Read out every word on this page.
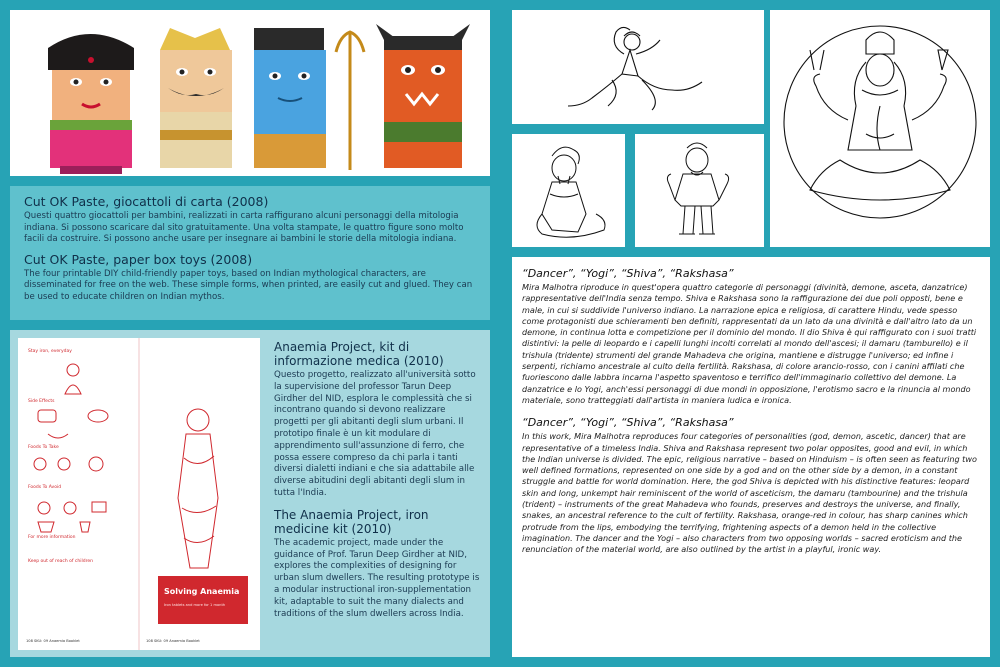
Cut OK Paste, giocattoli di carta (2008)

Questi quattro giocattoli per bambini, realizzati in carta raffigurano alcuni personaggi della mitologia indiana. Si possono scaricare dal sito gratuitamente. Una volta stampate, le quattro figure sono molto facili da costruire. Si possono anche usare per insegnare ai bambini le storie della mitologia indiana.

Cut OK Paste, paper box toys (2008)

The four printable DIY child-friendly paper toys, based on Indian mythological characters, are disseminated for free on the web. These simple forms, when printed, are easily cut and glued. They can be used to educate children on Indian mythos.

Stay iron, everyday
Side Effects
Foods To Take
Foods To Avoid
For more information
Keep out of reach of children
Solving Anaemia
Iron tablets and more for 1 month
108 SKU: 09 Anaemia Booklet	108 SKU: 09 Anaemia Booklet

Anaemia Project, kit di informazione medica (2010)

Questo progetto, realizzato all'università sotto la supervisione del professor Tarun Deep Girdher del NID, esplora le complessità che si incontrano quando si devono realizzare progetti per gli abitanti degli slum urbani. Il prototipo finale è un kit modulare di apprendimento sull'assunzione di ferro, che possa essere compreso da chi parla i tanti diversi dialetti indiani e che sia adattabile alle diverse abitudini degli abitanti degli slum in tutta l'India.

The Anaemia Project, iron medicine kit (2010)

The academic project, made under the guidance of Prof. Tarun Deep Girdher at NID, explores the complexities of designing for urban slum dwellers. The resulting prototype is a modular instructional iron-supplementation kit, adaptable to suit the many dialects and traditions of the slum dwellers across India.

“Dancer”, “Yogi”, “Shiva”, “Rakshasa”

Mira Malhotra riproduce in quest'opera quattro categorie di personaggi (divinità, demone, asceta, danzatrice) rappresentative dell'India senza tempo. Shiva e Rakshasa sono la raffigurazione dei due poli opposti, bene e male, in cui si suddivide l'universo indiano. La narrazione epica e religiosa, di carattere Hindu, vede spesso come protagonisti due schieramenti ben definiti, rappresentati da un lato da una divinità e dall'altro lato da un demone, in continua lotta e competizione per il dominio del mondo. Il dio Shiva è qui raffigurato con i suoi tratti distintivi: la pelle di leopardo e i capelli lunghi incolti correlati al mondo dell'ascesi; il damaru (tamburello) e il trishula (tridente) strumenti del grande Mahadeva che origina, mantiene e distrugge l'universo; ed infine i serpenti, richiamo ancestrale al culto della fertilità. Rakshasa, di colore arancio-rosso, con i canini affilati che fuoriescono dalle labbra incarna l'aspetto spaventoso e terrifico dell'immaginario collettivo del demone. La danzatrice e lo Yogi, anch'essi personaggi di due mondi in opposizione, l'erotismo sacro e la rinuncia al mondo materiale, sono tratteggiati dall'artista in maniera ludica e ironica.

“Dancer”, “Yogi”, “Shiva”, “Rakshasa”

In this work, Mira Malhotra reproduces four categories of personalities (god, demon, ascetic, dancer) that are representative of a timeless India. Shiva and Rakshasa represent two polar opposites, good and evil, in which the Indian universe is divided. The epic, religious narrative – based on Hinduism – is often seen as featuring two well defined formations, represented on one side by a god and on the other side by a demon, in a constant struggle and battle for world domination. Here, the god Shiva is depicted with his distinctive features: leopard skin and long, unkempt hair reminiscent of the world of asceticism, the damaru (tambourine) and the trishula (trident) – instruments of the great Mahadeva who founds, preserves and destroys the universe, and finally, snakes, an ancestral reference to the cult of fertility. Rakshasa, orange-red in colour, has sharp canines which protrude from the lips, embodying the terrifying, frightening aspects of a demon held in the collective imagination. The dancer and the Yogi – also characters from two opposing worlds – sacred eroticism and the renunciation of the material world, are also outlined by the artist in a playful, ironic way.
